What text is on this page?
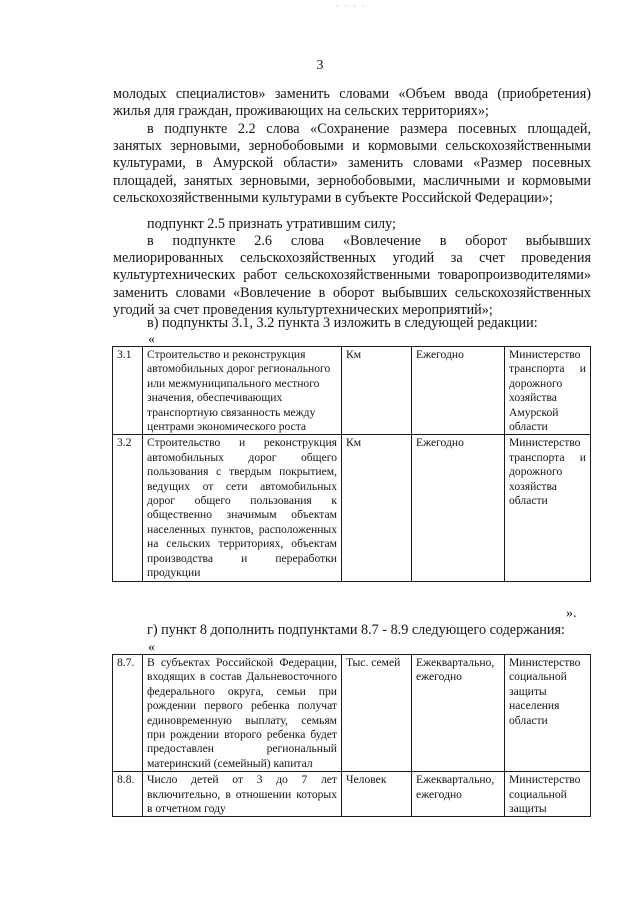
· · · ·
3
молодых специалистов» заменить словами «Объем ввода (приобретения) жилья для граждан, проживающих на сельских территориях»;
в подпункте 2.2 слова «Сохранение размера посевных площадей, занятых зерновыми, зернобобовыми и кормовыми сельскохозяйственными культурами, в Амурской области» заменить словами «Размер посевных площадей, занятых зерновыми, зернобобовыми, масличными и кормовыми сельскохозяйственными культурами в субъекте Российской Федерации»;
подпункт 2.5 признать утратившим силу;
в подпункте 2.6 слова «Вовлечение в оборот выбывших мелиорированных сельскохозяйственных угодий за счет проведения культуртехнических работ сельскохозяйственными товаропроизводителями» заменить словами «Вовлечение в оборот выбывших сельскохозяйственных угодий за счет проведения культуртехнических мероприятий»;
в) подпункты 3.1, 3.2 пункта 3 изложить в следующей редакции:
«
3.1	Строительство и реконструкция автомобильных дорог регионального или межмуниципального местного значения, обеспечивающих транспортную связанность между центрами экономического роста	Км	Ежегодно	Министерство транспорта и дорожного хозяйства Амурской области
3.2	Строительство и реконструкция автомобильных дорог общего пользования с твердым покрытием, ведущих от сети автомобильных дорог общего пользования к общественно значимым объектам населенных пунктов, расположенных на сельских территориях, объектам производства и переработки продукции	Км	Ежегодно	Министерство транспорта и дорожного хозяйства области
».
г) пункт 8 дополнить подпунктами 8.7 - 8.9 следующего содержания:
«
8.7.	В субъектах Российской Федерации, входящих в состав Дальневосточного федерального округа, семьи при рождении первого ребенка получат единовременную выплату, семьям при рождении второго ребенка будет предоставлен региональный материнский (семейный) капитал	Тыс. семей	Ежеквартально, ежегодно	Министерство социальной защиты населения области
8.8.	Число детей от 3 до 7 лет включительно, в отношении которых в отчетном году	Человек	Ежеквартально, ежегодно	Министерство социальной защиты
